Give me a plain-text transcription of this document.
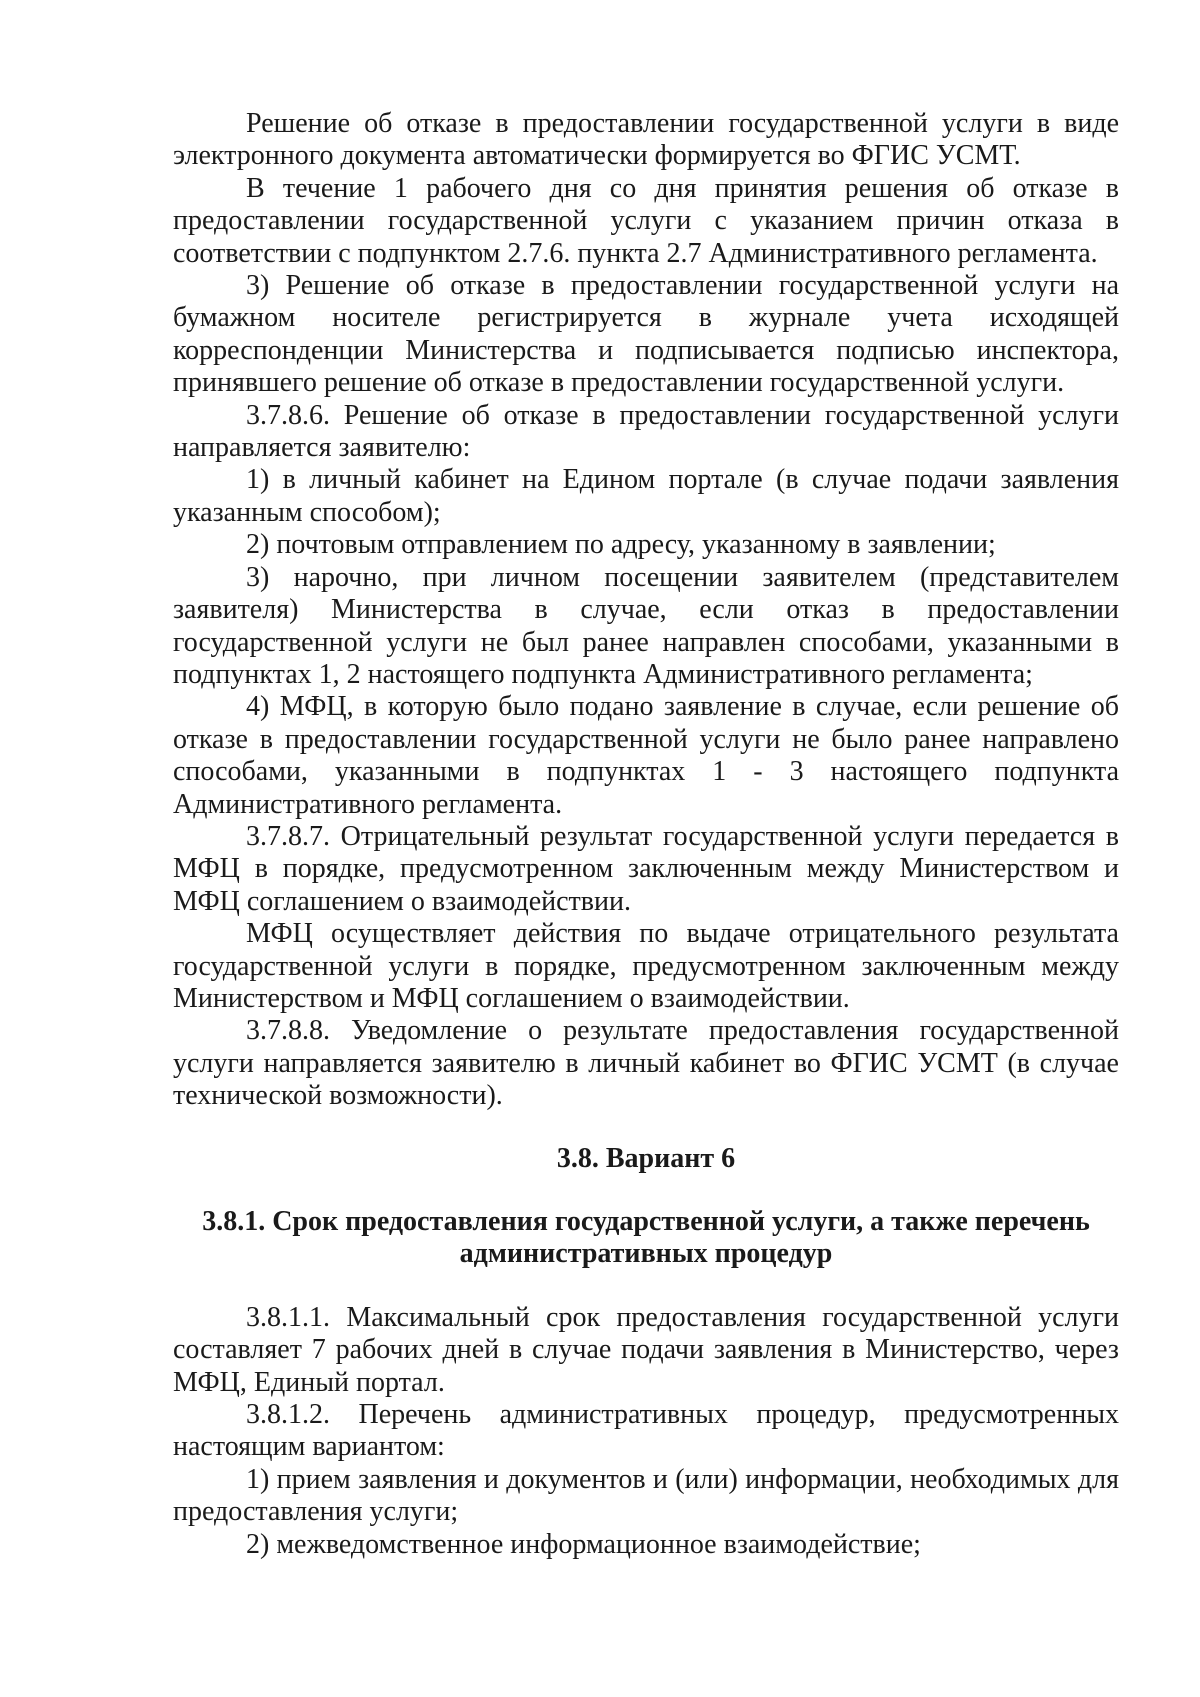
Решение об отказе в предоставлении государственной услуги в виде электронного документа автоматически формируется во ФГИС УСМТ.

В течение 1 рабочего дня со дня принятия решения об отказе в предоставлении государственной услуги с указанием причин отказа в соответствии с подпунктом 2.7.6. пункта 2.7 Административного регламента.

3) Решение об отказе в предоставлении государственной услуги на бумажном носителе регистрируется в журнале учета исходящей корреспонденции Министерства и подписывается подписью инспектора, принявшего решение об отказе в предоставлении государственной услуги.

3.7.8.6. Решение об отказе в предоставлении государственной услуги направляется заявителю:

1) в личный кабинет на Едином портале (в случае подачи заявления указанным способом);

2) почтовым отправлением по адресу, указанному в заявлении;

3) нарочно, при личном посещении заявителем (представителем заявителя) Министерства в случае, если отказ в предоставлении государственной услуги не был ранее направлен способами, указанными в подпунктах 1, 2 настоящего подпункта Административного регламента;

4) МФЦ, в которую было подано заявление в случае, если решение об отказе в предоставлении государственной услуги не было ранее направлено способами, указанными в подпунктах 1 - 3 настоящего подпункта Административного регламента.

3.7.8.7. Отрицательный результат государственной услуги передается в МФЦ в порядке, предусмотренном заключенным между Министерством и МФЦ соглашением о взаимодействии.

МФЦ осуществляет действия по выдаче отрицательного результата государственной услуги в порядке, предусмотренном заключенным между Министерством и МФЦ соглашением о взаимодействии.

3.7.8.8. Уведомление о результате предоставления государственной услуги направляется заявителю в личный кабинет во ФГИС УСМТ (в случае технической возможности).

3.8. Вариант 6
3.8.1. Срок предоставления государственной услуги, а также перечень административных процедур

3.8.1.1. Максимальный срок предоставления государственной услуги составляет 7 рабочих дней в случае подачи заявления в Министерство, через МФЦ, Единый портал.

3.8.1.2. Перечень административных процедур, предусмотренных настоящим вариантом:

1) прием заявления и документов и (или) информации, необходимых для предоставления услуги;

2) межведомственное информационное взаимодействие;
